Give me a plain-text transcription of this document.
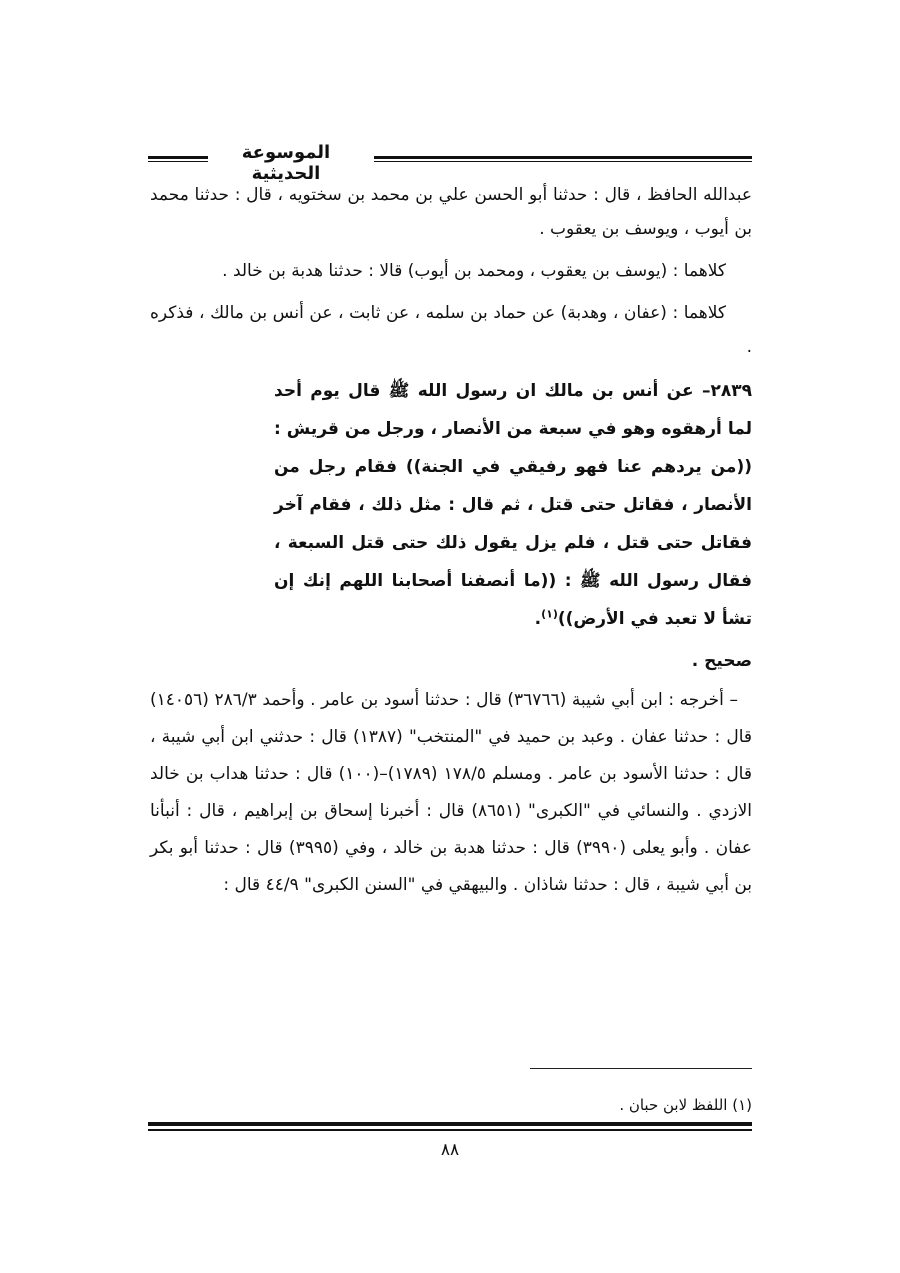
الموسوعة الحديثية

عبدالله الحافظ ، قال : حدثنا أبو الحسن علي بن محمد بن سختويه ، قال : حدثنا محمد بن أيوب ، ويوسف بن يعقوب .

كلاهما : (يوسف بن يعقوب ، ومحمد بن أيوب) قالا : حدثنا هدبة بن خالد .

كلاهما : (عفان ، وهدبة) عن حماد بن سلمه ، عن ثابت ، عن أنس بن مالك ، فذكره .

٢٨٣٩– عن أنس بن مالك ان رسول الله ﷺ قال يوم أحد لما أرهقوه وهو في سبعة من الأنصار ، ورجل من قريش : ((من يردهم عنا فهو رفيقي في الجنة)) فقام رجل من الأنصار ، فقاتل حتى قتل ، ثم قال : مثل ذلك ، فقام آخر فقاتل حتى قتل ، فلم يزل يقول ذلك حتى قتل السبعة ، فقال رسول الله ﷺ : ((ما أنصفنا أصحابنا اللهم إنك إن تشأ لا تعبد في الأرض))$^{(١)}$.
صحيح .

– أخرجه : ابن أبي شيبة (٣٦٧٦٦) قال : حدثنا أسود بن عامر . وأحمد ٢٨٦/٣ (١٤٠٥٦) قال : حدثنا عفان . وعبد بن حميد في "المنتخب" (١٣٨٧) قال : حدثني ابن أبي شيبة ، قال : حدثنا الأسود بن عامر . ومسلم ١٧٨/٥ (١٧٨٩)–(١٠٠) قال : حدثنا هداب بن خالد الازدي . والنسائي في "الكبرى" (٨٦٥١) قال : أخبرنا إسحاق بن إبراهيم ، قال : أنبأنا عفان . وأبو يعلى (٣٩٩٠) قال : حدثنا هدبة بن خالد ، وفي (٣٩٩٥) قال : حدثنا أبو بكر بن أبي شيبة ، قال : حدثنا شاذان . والبيهقي في "السنن الكبرى" ٤٤/٩ قال :

(١) اللفظ لابن حبان .
٨٨
